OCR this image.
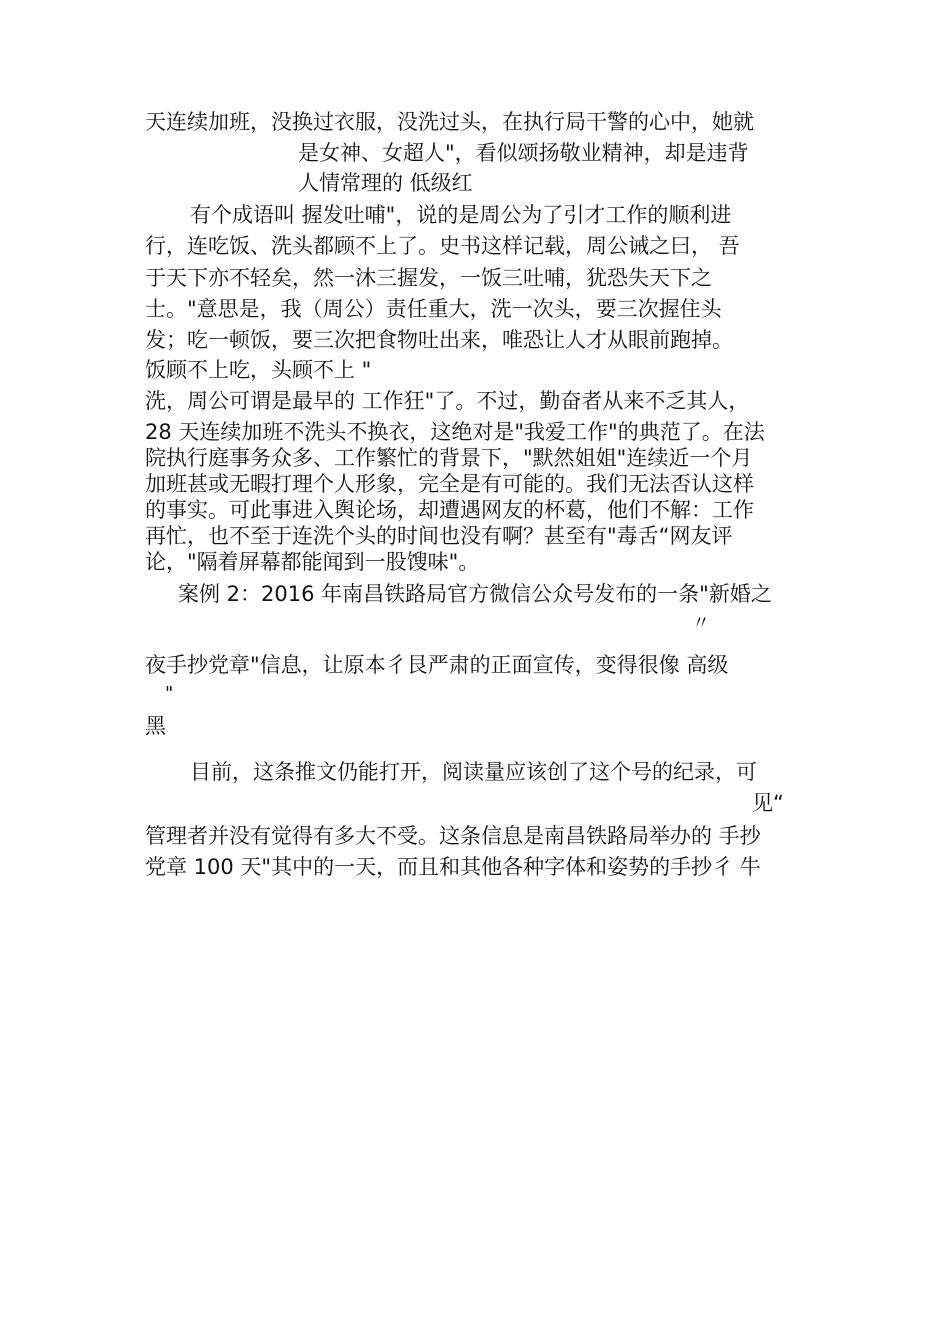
天连续加班，没换过衣服，没洗过头，在执行局干警的心中，她就
是女神、女超人"，看似颂扬敬业精神，却是违背
人情常理的 低级红
有个成语叫 握发吐哺"，说的是周公为了引才工作的顺利进
行，连吃饭、洗头都顾不上了。史书这样记载，周公诫之曰， 吾
于天下亦不轻矣，然一沐三握发，一饭三吐哺，犹恐失天下之
士。"意思是，我（周公）责任重大，洗一次头，要三次握住头
发；吃一顿饭，要三次把食物吐出来，唯恐让人才从眼前跑掉。
饭顾不上吃，头顾不上 "
洗，周公可谓是最早的 工作狂"了。不过，勤奋者从来不乏其人，
28 天连续加班不洗头不换衣，这绝对是"我爱工作"的典范了。在法
院执行庭事务众多、工作繁忙的背景下，"默然姐姐"连续近一个月
加班甚或无暇打理个人形象，完全是有可能的。我们无法否认这样
的事实。可此事进入舆论场，却遭遇网友的杯葛，他们不解：工作
再忙，也不至于连洗个头的时间也没有啊？甚至有"毒舌“网友评
论，"隔着屏幕都能闻到一股馊味"。
案例 2：2016 年南昌铁路局官方微信公众号发布的一条"新婚之
〃
夜手抄党章"信息，让原本彳艮严肃的正面宣传，变得很像 高级
"
黑
目前，这条推文仍能打开，阅读量应该创了这个号的纪录，可
见“
管理者并没有觉得有多大不受。这条信息是南昌铁路局举办的 手抄
党章 100 天"其中的一天，而且和其他各种字体和姿势的手抄彳 牛
